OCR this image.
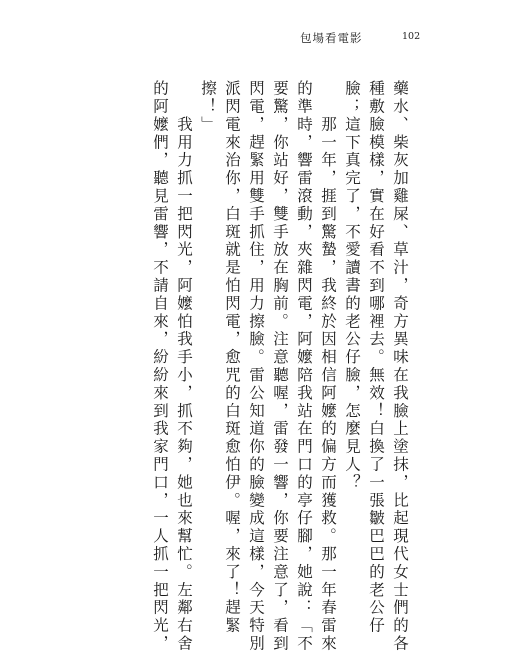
包場看電影	102
藥水、柴灰加雞屎、草汁，奇方異味在我臉上塗抹，比起現代女士們的各
種敷臉模樣，實在好看不到哪裡去。無效！白換了一張皺巴巴的老公仔
臉；這下真完了，不愛讀書的老公仔臉，怎麼見人？
　　那一年，捱到驚蟄，我終於因相信阿嬤的偏方而獲救。那一年春雷來
的準時，響雷滾動，夾雜閃電，阿嬤陪我站在門口的亭仔腳，她說：「不
要驚，你站好，雙手放在胸前。注意聽喔，雷發一響，你要注意了，看到
閃電，趕緊用雙手抓住，用力擦臉。雷公知道你的臉變成這樣，今天特別
派閃電來治你，白斑就是怕閃電，愈咒的白斑愈怕伊。喔，來了！趕緊
擦！」
　　我用力抓一把閃光，阿嬤怕我手小，抓不夠，她也來幫忙。左鄰右舍
的阿嬤們，聽見雷響，不請自來，紛紛來到我家門口，一人抓一把閃光，
